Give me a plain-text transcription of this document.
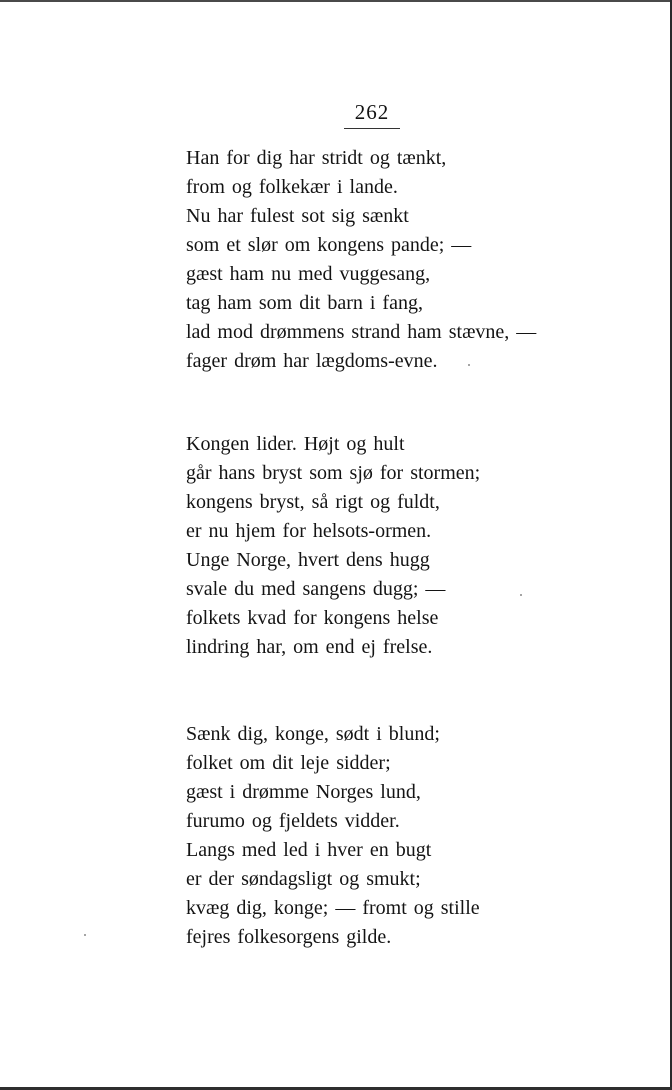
262
Han for dig har stridt og tænkt,
from og folkekær i lande.
Nu har fulest sot sig sænkt
som et slør om kongens pande; —
gæst ham nu med vuggesang,
tag ham som dit barn i fang,
lad mod drømmens strand ham stævne, —
fager drøm har lægdoms-evne.
Kongen lider. Højt og hult
går hans bryst som sjø for stormen;
kongens bryst, så rigt og fuldt,
er nu hjem for helsots-ormen.
Unge Norge, hvert dens hugg
svale du med sangens dugg; —
folkets kvad for kongens helse
lindring har, om end ej frelse.
Sænk dig, konge, sødt i blund;
folket om dit leje sidder;
gæst i drømme Norges lund,
furumo og fjeldets vidder.
Langs med led i hver en bugt
er der søndagsligt og smukt;
kvæg dig, konge; — fromt og stille
fejres folkesorgens gilde.
